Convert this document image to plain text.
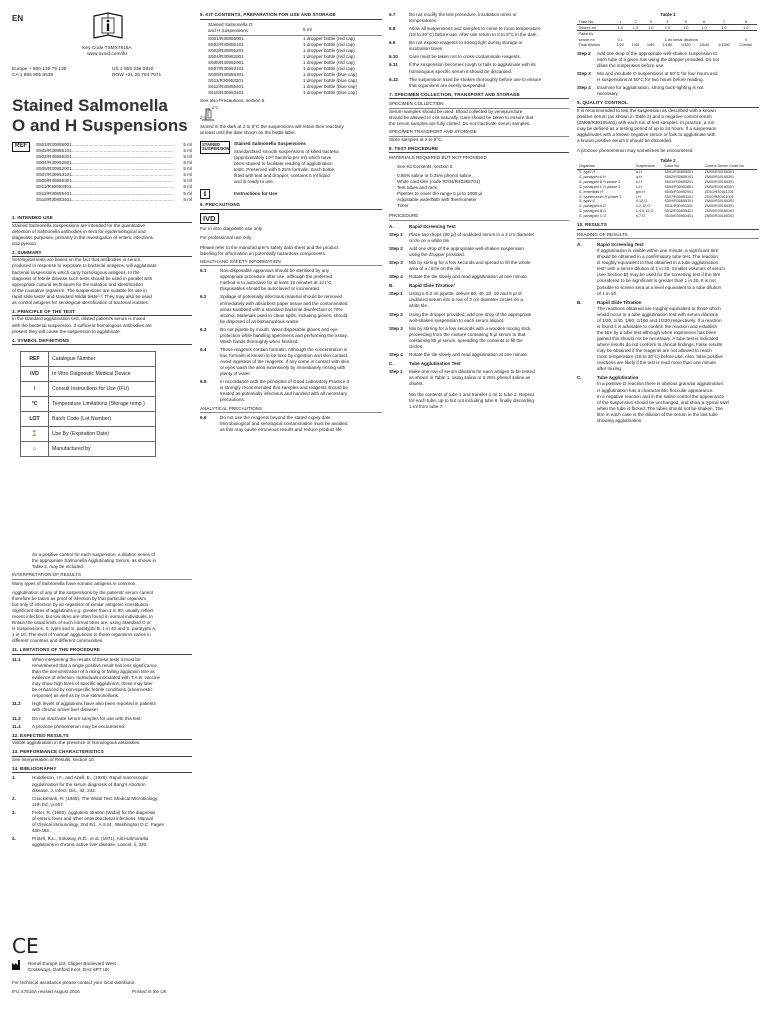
EN
Key Code TSMX7816A
www.oxoid.com/ifu
Europe + 800 135 79 135	US 1 855 236 0910
CA 1 855 805 8539	ROW +31 20 794 7071
Stained Salmonella
O and H Suspensions
REF	S501/R30855001 ................................................................................	5 ml
S502/R30855101 ................................................................................	5 ml
S503/R30855201 ................................................................................	5 ml
S504/R30952801 ................................................................................	5 ml
S505/R30952901 ................................................................................	5 ml
S507/R30953101 ................................................................................	5 ml
S509/R30855301 ................................................................................	5 ml
S511/R30953301 ................................................................................	5 ml
S512/R30855401 ................................................................................	5 ml
S515/R30953401 ................................................................................	5 ml
1. INTENDED USE
Stained Salmonella Suspensions are intended for the quantitative
detection of Salmonella antibodies in sera for epidemiological and
diagnostic purposes, primarily in the investigation of enteric infections
and pyrexia.
2. SUMMARY
Serological tests are based on the fact that antibodies in serum,
produced in response to exposure to bacterial antigens, will agglutinate
bacterial suspensions which carry homologous antigens. In the
diagnosis of febrile disease such tests should be used in parallel with
appropriate cultural techniques for the isolation and identification
of the causative organism. The suspensions are suitable for use in
rapid slide tests¹ and standard Widal tests²·³. They may also be used
as control antigens for serological identification of bacterial isolates.
3. PRINCIPLE OF THE TEST
In the standard agglutination test, diluted patient's serum is mixed
with the bacterial suspension. If sufficient homologous antibodies are
present they will cause the suspension to agglutinate.
4. SYMBOL DEFINITIONS
REF	Catalogue Number
IVD	In Vitro Diagnostic Medical Device
i	Consult Instructions for Use (IFU)
°C	Temperature Limitations (Storage temp.)
LOT	Batch Code (Lot Number)
⌛	Use By (Expiration Date)
⌂	Manufactured by
As a positive control for each suspension, a dilution series of
the appropriate Salmonella Agglutinating Serum, as shown in
Table 2, may be included.
INTERPRETATION OF RESULTS
Many types of Salmonella have somatic antigens in common.
Agglutination of any of the suspensions by the patients' serum cannot
therefore be taken as proof of infection by that particular organism
but only of infection by an organism of similar antigenic constitution.
Significant titres of agglutinins e.g. greater than 1 in 80, usually reflect
recent infection, but low titres are often found in normal individuals. In
Britain the usual limits of such normal titres are, using Standard O or
H Suspensions, S. typhi and S. paratyphi B, 1 in 40 and S. paratyphi A,
1 in 10. The level of 'normal' agglutinins to these organisms varies in
different countries and different communities.
11. LIMITATIONS OF THE PROCEDURE
11.1	When interpreting the results of these tests it must be
remembered that a single positive result has less significance
than the demonstration of a rising or falling agglutinin titre as
evidence of infection. Individuals inoculated with T.A.B. vaccine
may show high titres of specific agglutinins; these may later
be enhanced by non-specific febrile conditions (anamnestic
response) as well as by true salmonellosis.
11.2	High levels of agglutinins have also been reported in patients
with chronic active liver disease⁴.
11.3	Do not inactivate serum samples for use with this test.
11.4	A prozone phenomenon may be encountered.
12. EXPECTED RESULTS
Visible agglutination in the presence of homologous antibodies.
13. PERFORMANCE CHARACTERISTICS
See Interpretation of Results, section 10.
14. BIBLIOGRAPHY
1.	Huddleson, I.F., and Abell, E., (1928). Rapid macroscopic
agglutination for the serum diagnosis of Bang's Abortion
disease. J. Infect. Dis., 42, 242.
2.	Cruickshank, R. (1965). The Widal Test. Medical Microbiology,
11th Ed., p.907.
3.	Freter, R. (1980). Agglutinin titration (Widal) for the diagnosis
of enteric fever and other enterobacterial infections. Manual
of Clinical Immunology, 2nd Ed., A.S.M., Washington D.C. Pages
460-463.
4.	Protell, R.L., Soloway, R.D., et al. (1971). Anti-salmonella
agglutinins in chronic active liver disease. Lancet, ii, 330.
CE
Remel Europe Ltd, Clipper Boulevard West
Crossways, Dartford Kent, DA2 6PT UK
For technical assistance please contact your local distributor.
IFU X7816A revised August 2016	Printed in the UK
5. KIT CONTENTS, PREPARATION FOR USE AND STORAGE
Stained Salmonella O
and H Suspensions	5 ml
S501/R30855001	1 dropper bottle (red cap)
S502/R30855101	1 dropper bottle (red cap)
S503/R30855201	1 dropper bottle (red cap)
S504/R30952801	1 dropper bottle (red cap)
S505/R30952901	1 dropper bottle (red cap)
S507/R30953101	1 dropper bottle (red cap)
S509/R30855301	1 dropper bottle (blue cap)
S511/R30953301	1 dropper bottle (blue cap)
S512/R30855401	1 dropper bottle (blue cap)
S515/R30953401	1 dropper bottle (blue cap)
See also Precautions, section 6.
8°C
2°C
Stored in the dark at 2 to 8°C the suspensions will retain their reactivity
at least until the date shown on the bottle label.
STAINED
SUSPENSION
Stained Salmonella Suspensions
Standardised smooth suspensions of killed bacteria
(approximately 10¹⁰ bacteria per ml) which have
been stained to facilitate reading of agglutination
tests. Preserved with 0.25% formalin. Each bottle,
fitted with teat and dropper, contains 5 ml liquid
and is ready to use.
i	Instructions for Use
6. PRECAUTIONS
IVD
For in vitro diagnostic use only.
For professional use only.
Please refer to the manufacturer's safety data sheet and the product
labelling for information on potentially hazardous components.
HEALTH AND SAFETY INFORMATION
6.1	Non-disposable apparatus should be sterilised by any
appropriate procedure after use, although the preferred
method is to autoclave for at least 15 minutes at 121°C.
Disposables should be autoclaved or incinerated.
6.2	Spillage of potentially infectious material should be removed
immediately with absorbent paper tissue and the contaminated
areas swabbed with a standard bacterial disinfectant or 70%
alcohol. Materials used to clean spills, including gloves, should
be disposed of as biohazardous waste.
6.3	Do not pipette by mouth. Wear disposable gloves and eye
protection while handling specimens and performing the assay.
Wash hands thoroughly when finished.
6.4	These reagents contain formalin. Although the concentration is
low, formalin is known to be toxic by ingestion and skin contact.
Avoid ingestion of the reagents. If any come in contact with skin
or eyes wash the area extensively by immediately rinsing with
plenty of water.
6.5	In accordance with the principles of Good Laboratory Practice it
is strongly recommended that samples and reagents should be
treated as potentially infectious and handled with all necessary
precautions.
ANALYTICAL PRECAUTIONS
6.6	Do not use the reagents beyond the stated expiry date.
Microbiological and serological contamination must be avoided
as this may cause erroneous results and reduce product life.
6.7	Do not modify the test procedure, incubation times or
temperatures.
6.8	Allow all suspensions and samples to come to room temperature
(18 to 30°C) before use. After use return to 2 to 8°C in the dark.
6.9	Do not expose reagents to strong light during storage or
incubation times.
6.10	Care must be taken not to cross-contaminate reagents.
6.11	If the suspension becomes rough or fails to agglutinate with its
homologous specific serum it should be discarded.
6.12	The suspension must be shaken thoroughly before use to ensure
that organisms are evenly suspended.
7. SPECIMEN COLLECTION, TRANSPORT AND STORAGE
SPECIMEN COLLECTION
Serum samples should be used. Blood collected by venepuncture
should be allowed to clot naturally. Care should be taken to ensure that
the serum samples are fully clotted. Do not inactivate serum samples.
SPECIMEN TRANSPORT AND STORAGE
Store samples at 2 to 8°C.
8. TEST PROCEDURE
MATERIALS REQUIRED BUT NOT PROVIDED
See Kit Contents, section 5
0.85% saline or 0.25% phenol saline
White card tiles (code R704/R30368701)
Test tubes and rack
Pipettes to cover the range 5 µl to 1000 µl
Adjustable waterbath with thermometer
Timer
PROCEDURE
A.	Rapid Screening Test
Step 1	Place two drops (80 µl) of undiluted serum in a 3 cm diameter
circle on a white tile.
Step 2	Add one drop of the appropriate well-shaken suspension
using the dropper provided.
Step 3	Mix by stirring for a few seconds and spread to fill the whole
area of a circle on the tile.
Step 4	Rotate the tile slowly and read agglutination at one minute.
B.	Rapid Slide Titration¹
Step 1	Using a 0.2 ml pipette, deliver 80, 40, 20, 10 and 5 µl of
undiluted serum into a row of 3 cm diameter circles on a
white tile.
Step 2	Using the dropper provided, add one drop of the appropriate
well-shaken suspension to each serum aliquot.
Step 3	Mix by stirring for a few seconds with a wooden mixing stick,
proceeding from the mixture containing 5 µl serum to that
containing 80 µl serum, spreading the contents to fill the
circles.
Step 4	Rotate the tile slowly and read agglutination at one minute.
C.	Tube Agglutination Test
Step 1	Make one row of serum dilutions for each antigen to be tested
as shown in Table 1, using saline or 0.25% phenol saline as
diluent.
Mix the contents of tube 1 and transfer 1 ml to tube 2. Repeat
for each tube, up to but not including tube 8, finally discarding
1 ml from tube 7.
Table 1
Tube No.	1	2	3	4	5	6	7	8
Diluent ml	1.9	1.0	1.0	1.0	1.0	1.0	1.0	1.0
Patient's								
serum ml	0.1	1 ml serial dilutions						0
Final dilution	1/20	1/40	1/80	1/160	1/320	1/640	1/1280	Control
Step 2	Add one drop of the appropriate well-shaken suspension to
each tube of a given row using the dropper provided. Do not
dilute the suspension before use.
Step 3	Mix and incubate O suspensions at 50°C for four hours and
H suspensions at 50°C for two hours before reading.
Step 4	Examine for agglutination, strong back-lighting is not
necessary.
9. QUALITY CONTROL
It is recommended to test the suspension as described with a known
positive serum (as shown in Table 2) and a negative control serum
(ZM09/R30165401) with each run of test samples. In practice, a run
may be defined as a testing period of up to 24 hours. If a suspension
agglutinates with a known negative serum or fails to agglutinate with
a known positive serum it should be discarded.
A prozone phenomenon may sometimes be encountered.
Table 2
Organism	Suspension	Code No.	Control Serum Code No.
S. typhi H	a-H	S501/R30855001	ZM00/R30165301
S. paratyphi A H	a-H	S502/R30855101	ZM00/R30165301
S. paratyphi B H phase 1	b-H	S503/R30855201	ZM00/R30165301
S. paratyphi C H phase 1	c-H	S504/R30952801	ZM00/R30165301
S. enteritidis H	gm-H	S505/R30952901	ZD10/R30161201
S. typhimurium H phase 1	i-H	S507/R30953101	ZD10/R30161001
S. typhi O	9,12-O	S509/R30855301	ZM00/R30165301
S. paratyphi A O	1,2,12-O	S511/R30953301	ZM00/R30165301
S. paratyphi B O	1,4,5,12-O	S512/R30855401	ZM00/R30165301
S. paratyphi C O	6,7-O	S515/R30953401	ZM00/R30165301
10. RESULTS
READING OF RESULTS
A.	Rapid Screening Test
If agglutination is visible within one minute, a significant titre
should be obtained in a confirmatory tube test. The reaction
is roughly equivalent to that obtained in a tube agglutination
test¹ with a serum dilution of 1 in 20. Smaller volumes of serum
(see Section B) may be used for the screening test if the titre
considered to be significant is greater than 1 in 20. It is not
possible to screen sera at a level equivalent to a tube dilution
of 1 in 10.
B.	Rapid Slide Titration
The reactions obtained are roughly equivalent to those which
would occur in a tube agglutination test with serum dilutions
of 1/20, 1/40, 1/80, 1/160 and 1/320 respectively. If a reaction
is found it is advisable to confirm the reaction and establish
the titre by a tube test although when experience has been
gained this should not be necessary. A tube test is indicated
where results do not conform to clinical findings. False results
may be obtained if the reagents are not allowed to reach
room temperature (18 to 30°C) before use. Also, false positive
reactions are likely if the test is read more than one minute
after mixing.
C.	Tube Agglutination
In a positive O reaction there is obvious granular agglutination:
H agglutination has a characteristic floccular appearance.
In a negative reaction and in the saline control the appearance
of the suspension should be unchanged, and show a typical swirl
when the tube is flicked. The tubes should not be shaken. The
titre in each case is the dilution of the serum in the last tube
showing agglutination.
